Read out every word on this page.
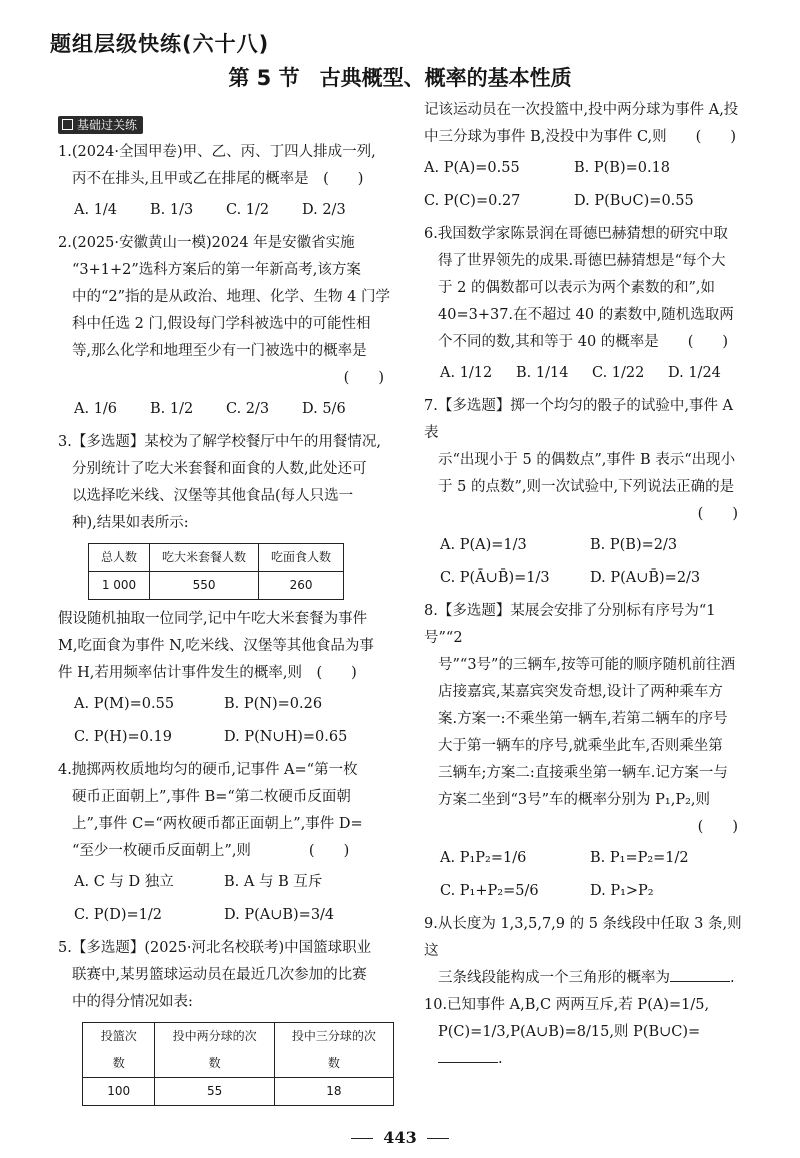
题组层级快练(六十八)
第 5 节 古典概型、概率的基本性质
基础过关练
1.(2024·全国甲卷)甲、乙、丙、丁四人排成一列,
丙不在排头,且甲或乙在排尾的概率是　(　　)
A. 1/4	B. 1/3	C. 1/2	D. 2/3
2.(2025·安徽黄山一模)2024 年是安徽省实施
“3+1+2”选科方案后的第一年新高考,该方案
中的“2”指的是从政治、地理、化学、生物 4 门学
科中任选 2 门,假设每门学科被选中的可能性相
等,那么化学和地理至少有一门被选中的概率是
(　　)
A. 1/6	B. 1/2	C. 2/3	D. 5/6
3.【多选题】某校为了解学校餐厅中午的用餐情况,
分别统计了吃大米套餐和面食的人数,此处还可
以选择吃米线、汉堡等其他食品(每人只选一
种),结果如表所示:
总人数	吃大米套餐人数	吃面食人数
1 000	550	260
假设随机抽取一位同学,记中午吃大米套餐为事件
M,吃面食为事件 N,吃米线、汉堡等其他食品为事
件 H,若用频率估计事件发生的概率,则　(　　)
A. P(M)=0.55	B. P(N)=0.26
C. P(H)=0.19	D. P(N∪H)=0.65
4.抛掷两枚质地均匀的硬币,记事件 A=“第一枚
硬币正面朝上”,事件 B=“第二枚硬币反面朝
上”,事件 C=“两枚硬币都正面朝上”,事件 D=
“至少一枚硬币反面朝上”,则　　　　(　　)
A. C 与 D 独立	B. A 与 B 互斥
C. P(D)=1/2	D. P(A∪B)=3/4
5.【多选题】(2025·河北名校联考)中国篮球职业
联赛中,某男篮球运动员在最近几次参加的比赛
中的得分情况如表:
投篮次数	投中两分球的次数	投中三分球的次数
100	55	18
记该运动员在一次投篮中,投中两分球为事件 A,投
中三分球为事件 B,没投中为事件 C,则　　(　　)
A. P(A)=0.55	B. P(B)=0.18
C. P(C)=0.27	D. P(B∪C)=0.55
6.我国数学家陈景润在哥德巴赫猜想的研究中取
得了世界领先的成果.哥德巴赫猜想是“每个大
于 2 的偶数都可以表示为两个素数的和”,如
40=3+37.在不超过 40 的素数中,随机选取两
个不同的数,其和等于 40 的概率是　　(　　)
A. 1/12	B. 1/14	C. 1/22	D. 1/24
7.【多选题】掷一个均匀的骰子的试验中,事件 A 表
示“出现小于 5 的偶数点”,事件 B 表示“出现小
于 5 的点数”,则一次试验中,下列说法正确的是
(　　)
A. P(A)=1/3	B. P(B)=2/3
C. P(Ā∪B̄)=1/3	D. P(A∪B̄)=2/3
8.【多选题】某展会安排了分别标有序号为“1号”“2
号”“3号”的三辆车,按等可能的顺序随机前往酒
店接嘉宾,某嘉宾突发奇想,设计了两种乘车方
案.方案一:不乘坐第一辆车,若第二辆车的序号
大于第一辆车的序号,就乘坐此车,否则乘坐第
三辆车;方案二:直接乘坐第一辆车.记方案一与
方案二坐到“3号”车的概率分别为 P₁,P₂,则
(　　)
A. P₁P₂=1/6	B. P₁=P₂=1/2
C. P₁+P₂=5/6	D. P₁>P₂
9.从长度为 1,3,5,7,9 的 5 条线段中任取 3 条,则这
三条线段能构成一个三角形的概率为	.
10.已知事件 A,B,C 两两互斥,若 P(A)=1/5,
P(C)=1/3,P(A∪B)=8/15,则 P(B∪C)=
.
443
